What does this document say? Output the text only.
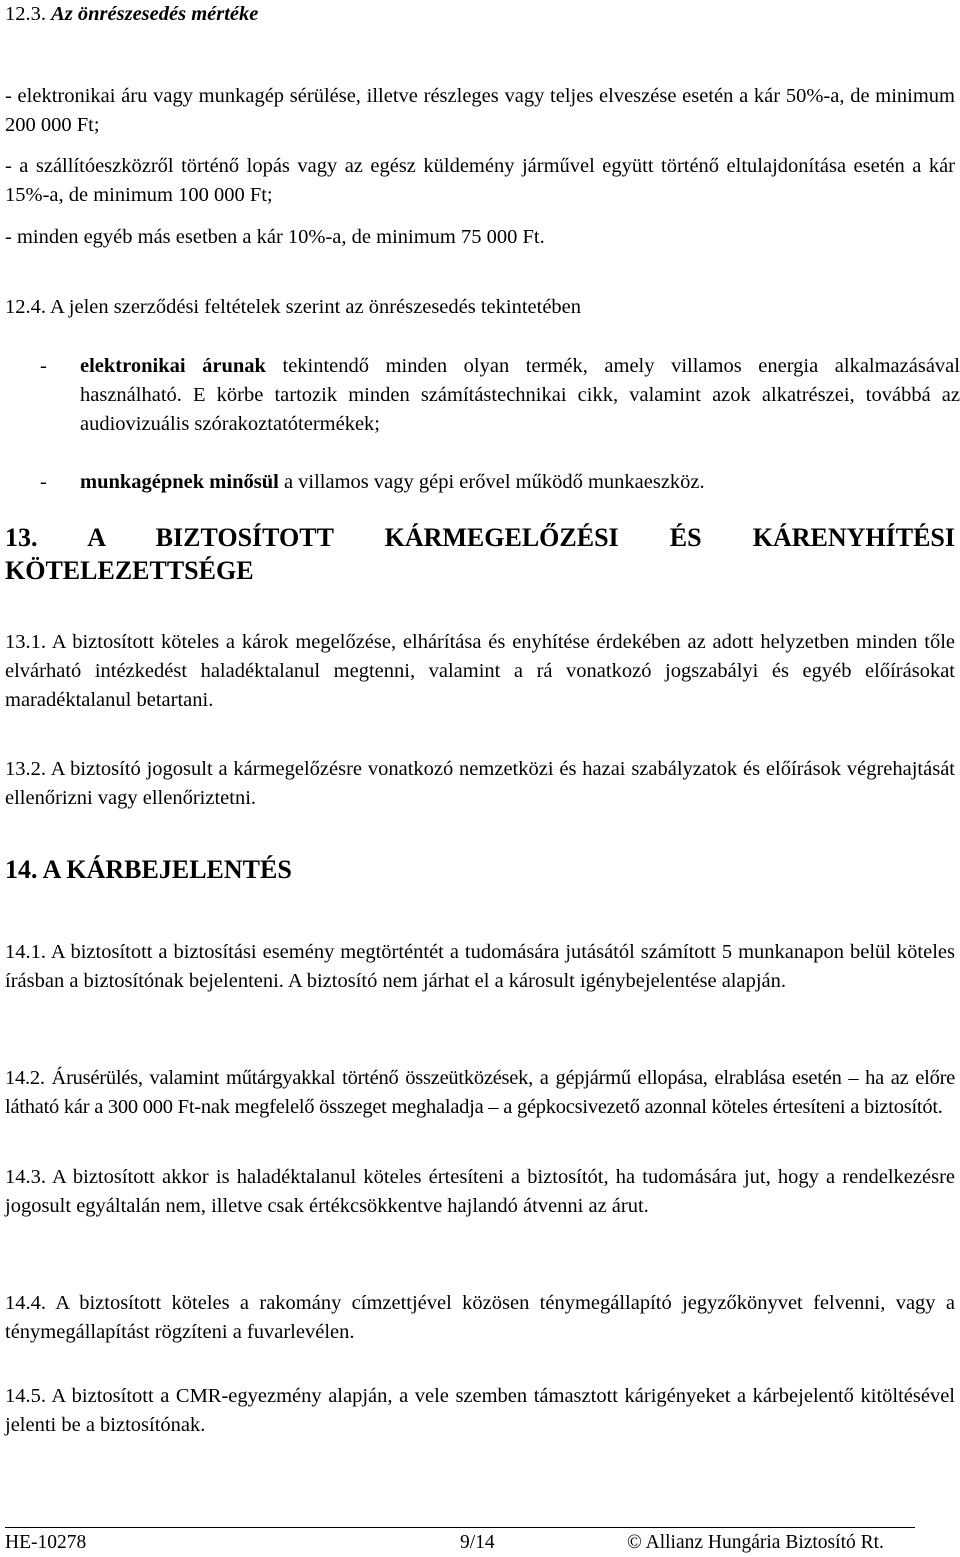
12.3. Az önrészesedés mértéke

- elektronikai áru vagy munkagép sérülése, illetve részleges vagy teljes elveszése esetén a kár 50%-a, de minimum 200 000 Ft;

- a szállítóeszközről történő lopás vagy az egész küldemény járművel együtt történő eltulajdonítása esetén a kár 15%-a, de minimum 100 000 Ft;

- minden egyéb más esetben a kár 10%-a, de minimum 75 000 Ft.

12.4. A jelen szerződési feltételek szerint az önrészesedés tekintetében

- elektronikai árunak tekintendő minden olyan termék, amely villamos energia alkalmazásával használható. E körbe tartozik minden számítástechnikai cikk, valamint azok alkatrészei, továbbá az audiovizuális szórakoztatótermékek;
- munkagépnek minősül a villamos vagy gépi erővel működő munkaeszköz.
13. A BIZTOSÍTOTT KÁRMEGELŐZÉSI ÉS KÁRENYHÍTÉSI
KÖTELEZETTSÉGE

13.1. A biztosított köteles a károk megelőzése, elhárítása és enyhítése érdekében az adott helyzetben minden tőle elvárható intézkedést haladéktalanul megtenni, valamint a rá vonatkozó jogszabályi és egyéb előírásokat maradéktalanul betartani.

13.2. A biztosító jogosult a kármegelőzésre vonatkozó nemzetközi és hazai szabályzatok és előírások végrehajtását ellenőrizni vagy ellenőriztetni.

14. A KÁRBEJELENTÉS

14.1. A biztosított a biztosítási esemény megtörténtét a tudomására jutásától számított 5 munkanapon belül köteles írásban a biztosítónak bejelenteni. A biztosító nem járhat el a károsult igénybejelentése alapján.

14.2. Árusérülés, valamint műtárgyakkal történő összeütközések, a gépjármű ellopása, elrablása esetén – ha az előre látható kár a 300 000 Ft-nak megfelelő összeget meghaladja – a gépkocsivezető azonnal köteles értesíteni a biztosítót.

14.3. A biztosított akkor is haladéktalanul köteles értesíteni a biztosítót, ha tudomására jut, hogy a rendelkezésre jogosult egyáltalán nem, illetve csak értékcsökkentve hajlandó átvenni az árut.

14.4. A biztosított köteles a rakomány címzettjével közösen ténymegállapító jegyzőkönyvet felvenni, vagy a ténymegállapítást rögzíteni a fuvarlevélen.

14.5. A biztosított a CMR-egyezmény alapján, a vele szemben támasztott kárigényeket a kárbejelentő kitöltésével jelenti be a biztosítónak.

HE-10278	9/14	© Allianz Hungária Biztosító Rt.
